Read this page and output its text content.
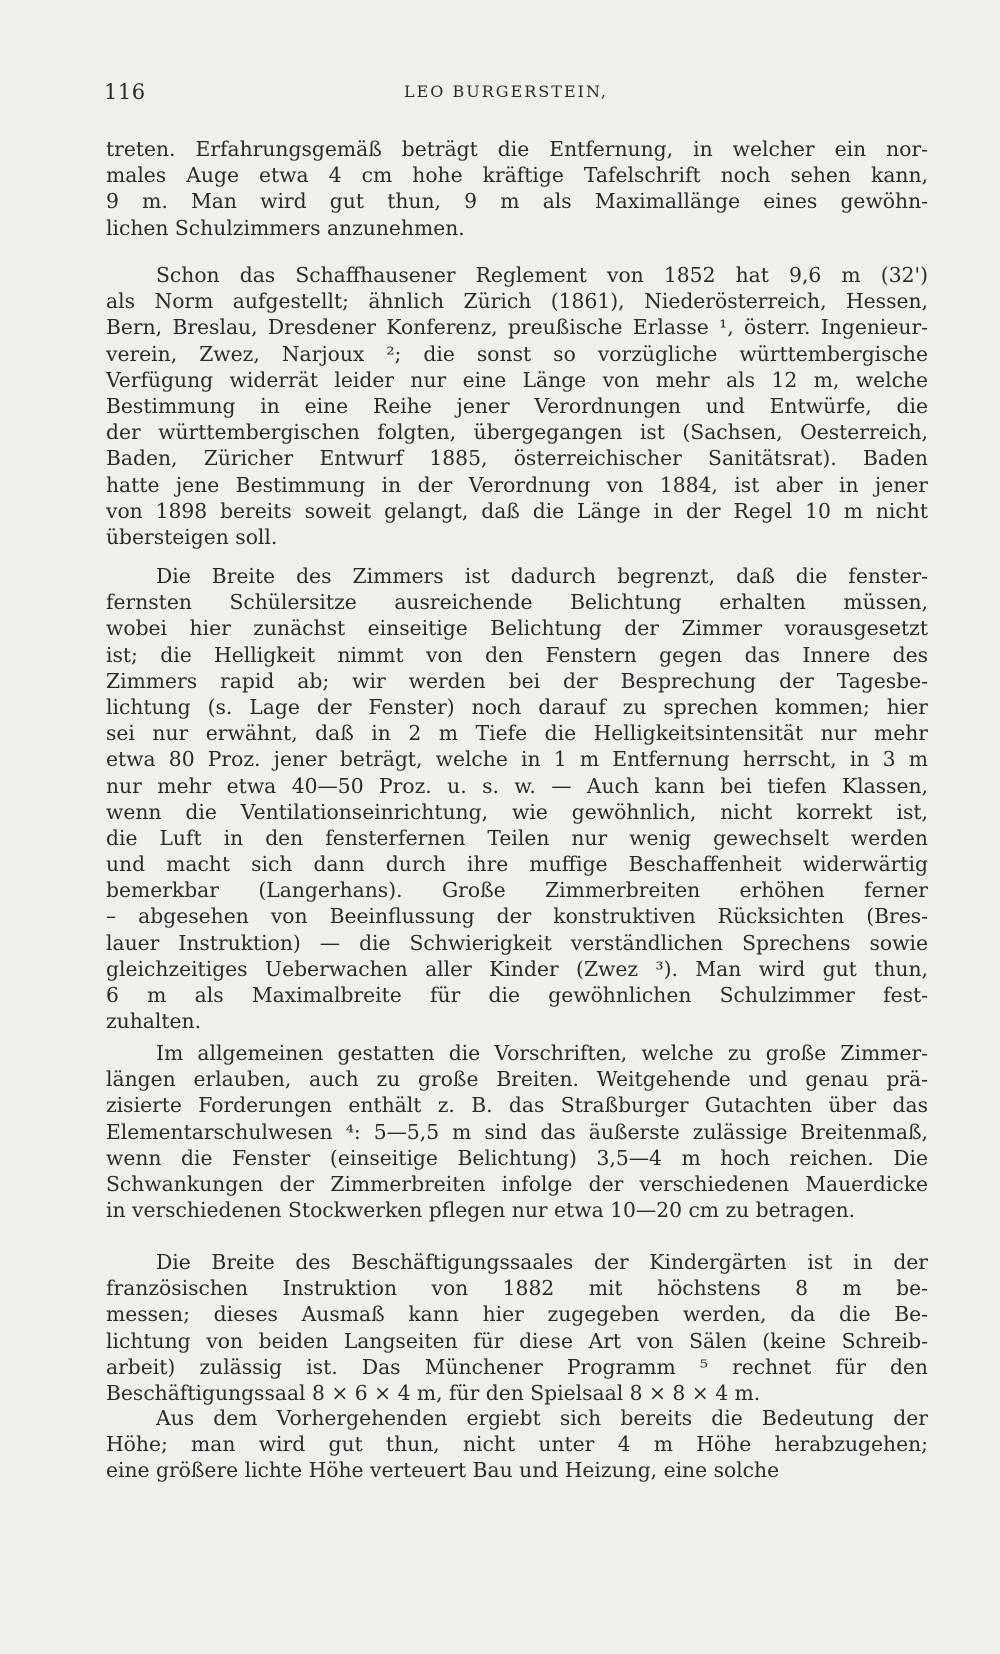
116	LEO BURGERSTEIN,
treten. Erfahrungsgemäß beträgt die Entfernung, in welcher ein nor-
males Auge etwa 4 cm hohe kräftige Tafelschrift noch sehen kann,
9 m. Man wird gut thun, 9 m als Maximallänge eines gewöhn-
lichen Schulzimmers anzunehmen.
Schon das Schaffhausener Reglement von 1852 hat 9,6 m (32')
als Norm aufgestellt; ähnlich Zürich (1861), Niederösterreich, Hessen,
Bern, Breslau, Dresdener Konferenz, preußische Erlasse ¹, österr. Ingenieur-
verein, Zwez, Narjoux ²; die sonst so vorzügliche württembergische
Verfügung widerrät leider nur eine Länge von mehr als 12 m, welche
Bestimmung in eine Reihe jener Verordnungen und Entwürfe, die
der württembergischen folgten, übergegangen ist (Sachsen, Oesterreich,
Baden, Züricher Entwurf 1885, österreichischer Sanitätsrat). Baden
hatte jene Bestimmung in der Verordnung von 1884, ist aber in jener
von 1898 bereits soweit gelangt, daß die Länge in der Regel 10 m nicht
übersteigen soll.
Die Breite des Zimmers ist dadurch begrenzt, daß die fenster-
fernsten Schülersitze ausreichende Belichtung erhalten müssen,
wobei hier zunächst einseitige Belichtung der Zimmer vorausgesetzt
ist; die Helligkeit nimmt von den Fenstern gegen das Innere des
Zimmers rapid ab; wir werden bei der Besprechung der Tagesbe-
lichtung (s. Lage der Fenster) noch darauf zu sprechen kommen; hier
sei nur erwähnt, daß in 2 m Tiefe die Helligkeitsintensität nur mehr
etwa 80 Proz. jener beträgt, welche in 1 m Entfernung herrscht, in 3 m
nur mehr etwa 40—50 Proz. u. s. w. — Auch kann bei tiefen Klassen,
wenn die Ventilationseinrichtung, wie gewöhnlich, nicht korrekt ist,
die Luft in den fensterfernen Teilen nur wenig gewechselt werden
und macht sich dann durch ihre muffige Beschaffenheit widerwärtig
bemerkbar (Langerhans). Große Zimmerbreiten erhöhen ferner
– abgesehen von Beeinflussung der konstruktiven Rücksichten (Bres-
lauer Instruktion) — die Schwierigkeit verständlichen Sprechens sowie
gleichzeitiges Ueberwachen aller Kinder (Zwez ³). Man wird gut thun,
6 m als Maximalbreite für die gewöhnlichen Schulzimmer fest-
zuhalten.
Im allgemeinen gestatten die Vorschriften, welche zu große Zimmer-
längen erlauben, auch zu große Breiten. Weitgehende und genau prä-
zisierte Forderungen enthält z. B. das Straßburger Gutachten über das
Elementarschulwesen ⁴: 5—5,5 m sind das äußerste zulässige Breitenmaß,
wenn die Fenster (einseitige Belichtung) 3,5—4 m hoch reichen. Die
Schwankungen der Zimmerbreiten infolge der verschiedenen Mauerdicke
in verschiedenen Stockwerken pflegen nur etwa 10—20 cm zu betragen.
Die Breite des Beschäftigungssaales der Kindergärten ist in der
französischen Instruktion von 1882 mit höchstens 8 m be-
messen; dieses Ausmaß kann hier zugegeben werden, da die Be-
lichtung von beiden Langseiten für diese Art von Sälen (keine Schreib-
arbeit) zulässig ist. Das Münchener Programm ⁵ rechnet für den
Beschäftigungssaal 8 × 6 × 4 m, für den Spielsaal 8 × 8 × 4 m.
Aus dem Vorhergehenden ergiebt sich bereits die Bedeutung der
Höhe; man wird gut thun, nicht unter 4 m Höhe herabzugehen;
eine größere lichte Höhe verteuert Bau und Heizung, eine solche
